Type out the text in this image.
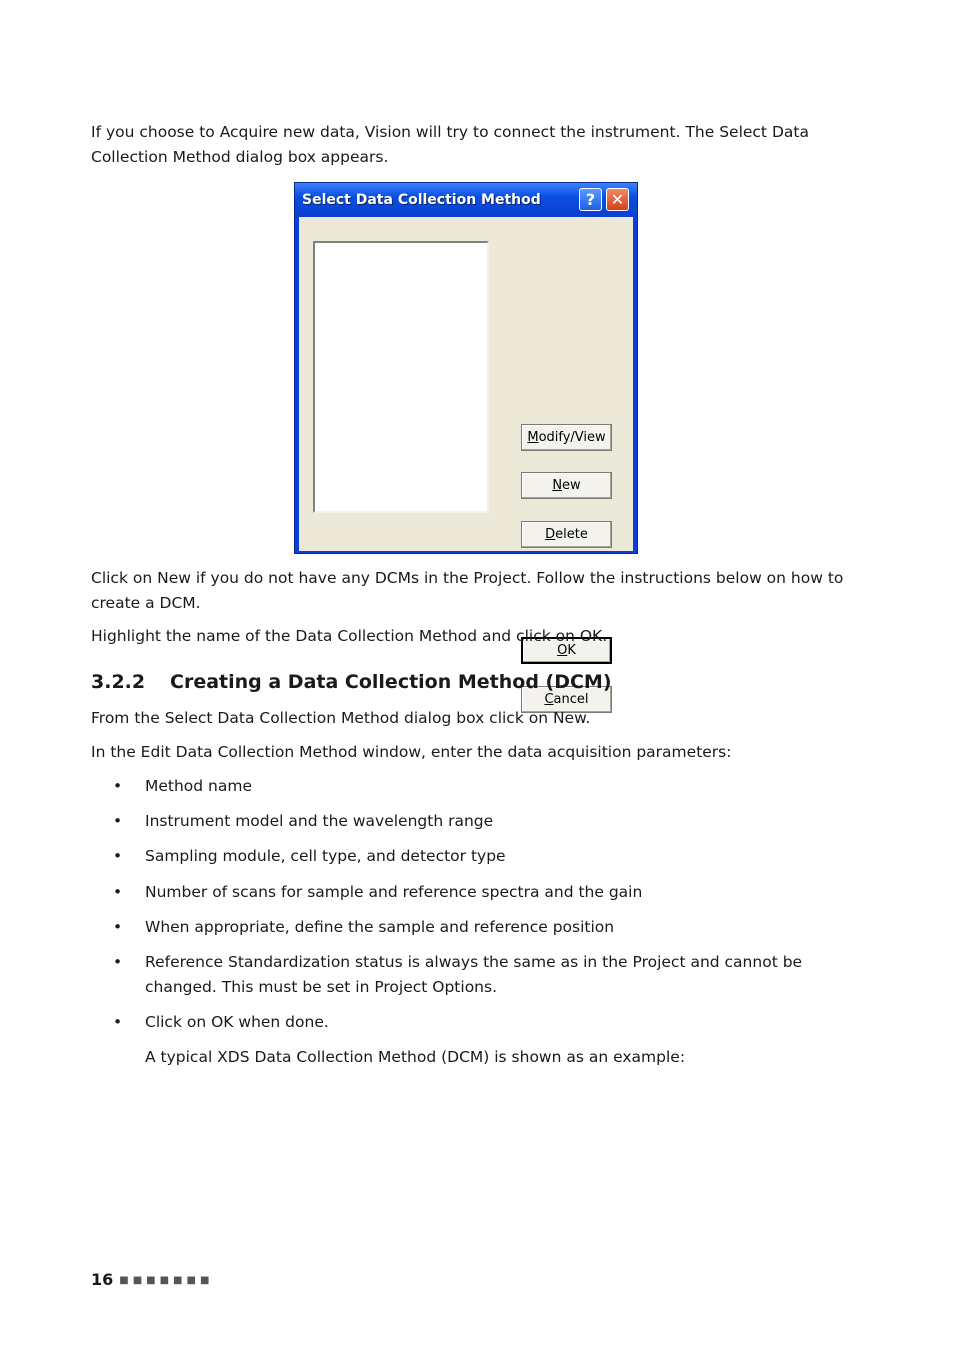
If you choose to Acquire new data, Vision will try to connect the instrument. The Select Data Collection Method dialog box appears.

Select Data Collection Method	? ✕
Modify/View
New
Delete
OK
Cancel

Click on New if you do not have any DCMs in the Project. Follow the instructions below on how to create a DCM.

Highlight the name of the Data Collection Method and click on OK.

3.2.2 Creating a Data Collection Method (DCM)

From the Select Data Collection Method dialog box click on New.

In the Edit Data Collection Method window, enter the data acquisition parameters:

• Method name
• Instrument model and the wavelength range
• Sampling module, cell type, and detector type
• Number of scans for sample and reference spectra and the gain
• When appropriate, define the sample and reference position
• Reference Standardization status is always the same as in the Project and cannot be changed. This must be set in Project Options.
• Click on OK when done.
A typical XDS Data Collection Method (DCM) is shown as an example:
16 ■■■■■■■
